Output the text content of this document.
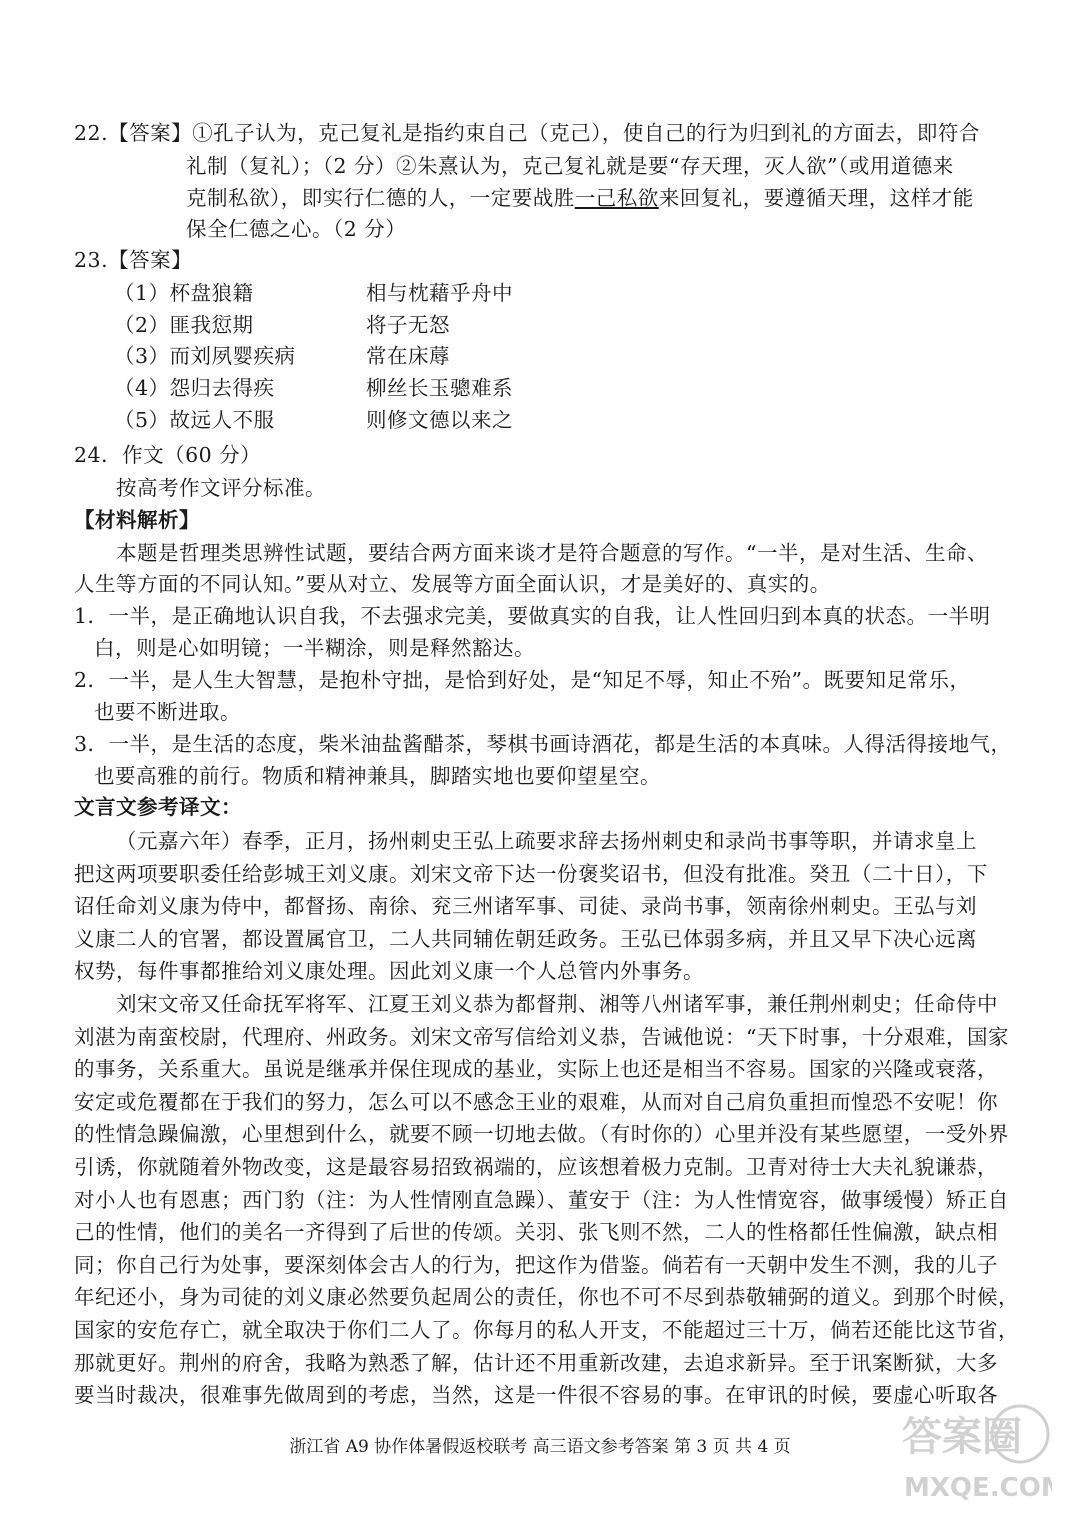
22.【答案】①孔子认为，克己复礼是指约束自己（克己），使自己的行为归到礼的方面去，即符合
礼制（复礼）；（2 分）②朱熹认为，克己复礼就是要“存天理，灭人欲”（或用道德来
克制私欲），即实行仁德的人，一定要战胜一己私欲来回复礼，要遵循天理，这样才能
保全仁德之心。（2 分）
23.【答案】
（1）杯盘狼籍	相与枕藉乎舟中
（2）匪我愆期	将子无怒
（3）而刘夙婴疾病	常在床蓐
（4）怨归去得疾	柳丝长玉骢难系
（5）故远人不服	则修文德以来之
24．作文（60 分）
按高考作文评分标准。
【材料解析】
本题是哲理类思辨性试题，要结合两方面来谈才是符合题意的写作。“一半，是对生活、生命、
人生等方面的不同认知。”要从对立、发展等方面全面认识，才是美好的、真实的。
1．一半，是正确地认识自我，不去强求完美，要做真实的自我，让人性回归到本真的状态。一半明
白，则是心如明镜；一半糊涂，则是释然豁达。
2．一半，是人生大智慧，是抱朴守拙，是恰到好处，是“知足不辱，知止不殆”。既要知足常乐，
也要不断进取。
3．一半，是生活的态度，柴米油盐酱醋茶，琴棋书画诗酒花，都是生活的本真味。人得活得接地气，
也要高雅的前行。物质和精神兼具，脚踏实地也要仰望星空。
文言文参考译文：
（元嘉六年）春季，正月，扬州刺史王弘上疏要求辞去扬州刺史和录尚书事等职，并请求皇上
把这两项要职委任给彭城王刘义康。刘宋文帝下达一份褒奖诏书，但没有批准。癸丑（二十日），下
诏任命刘义康为侍中，都督扬、南徐、兖三州诸军事、司徒、录尚书事，领南徐州刺史。王弘与刘
义康二人的官署，都设置属官卫，二人共同辅佐朝廷政务。王弘已体弱多病，并且又早下决心远离
权势，每件事都推给刘义康处理。因此刘义康一个人总管内外事务。
刘宋文帝又任命抚军将军、江夏王刘义恭为都督荆、湘等八州诸军事，兼任荆州刺史；任命侍中
刘湛为南蛮校尉，代理府、州政务。刘宋文帝写信给刘义恭，告诫他说：“天下时事，十分艰难，国家
的事务，关系重大。虽说是继承并保住现成的基业，实际上也还是相当不容易。国家的兴隆或衰落，
安定或危覆都在于我们的努力，怎么可以不感念王业的艰难，从而对自己肩负重担而惶恐不安呢！你
的性情急躁偏激，心里想到什么，就要不顾一切地去做。（有时你的）心里并没有某些愿望，一受外界
引诱，你就随着外物改变，这是最容易招致祸端的，应该想着极力克制。卫青对待士大夫礼貌谦恭，
对小人也有恩惠；西门豹（注：为人性情刚直急躁）、董安于（注：为人性情宽容，做事缓慢）矫正自
己的性情，他们的美名一齐得到了后世的传颂。关羽、张飞则不然，二人的性格都任性偏激，缺点相
同；你自己行为处事，要深刻体会古人的行为，把这作为借鉴。倘若有一天朝中发生不测，我的儿子
年纪还小，身为司徒的刘义康必然要负起周公的责任，你也不可不尽到恭敬辅弼的道义。到那个时候，
国家的安危存亡，就全取决于你们二人了。你每月的私人开支，不能超过三十万，倘若还能比这节省，
那就更好。荆州的府舍，我略为熟悉了解，估计还不用重新改建，去追求新异。至于讯案断狱，大多
要当时裁决，很难事先做周到的考虑，当然，这是一件很不容易的事。在审讯的时候，要虚心听取各
浙江省 A9 协作体暑假返校联考 高三语文参考答案 第 3 页 共 4 页	答案圈
MXQE.COM
